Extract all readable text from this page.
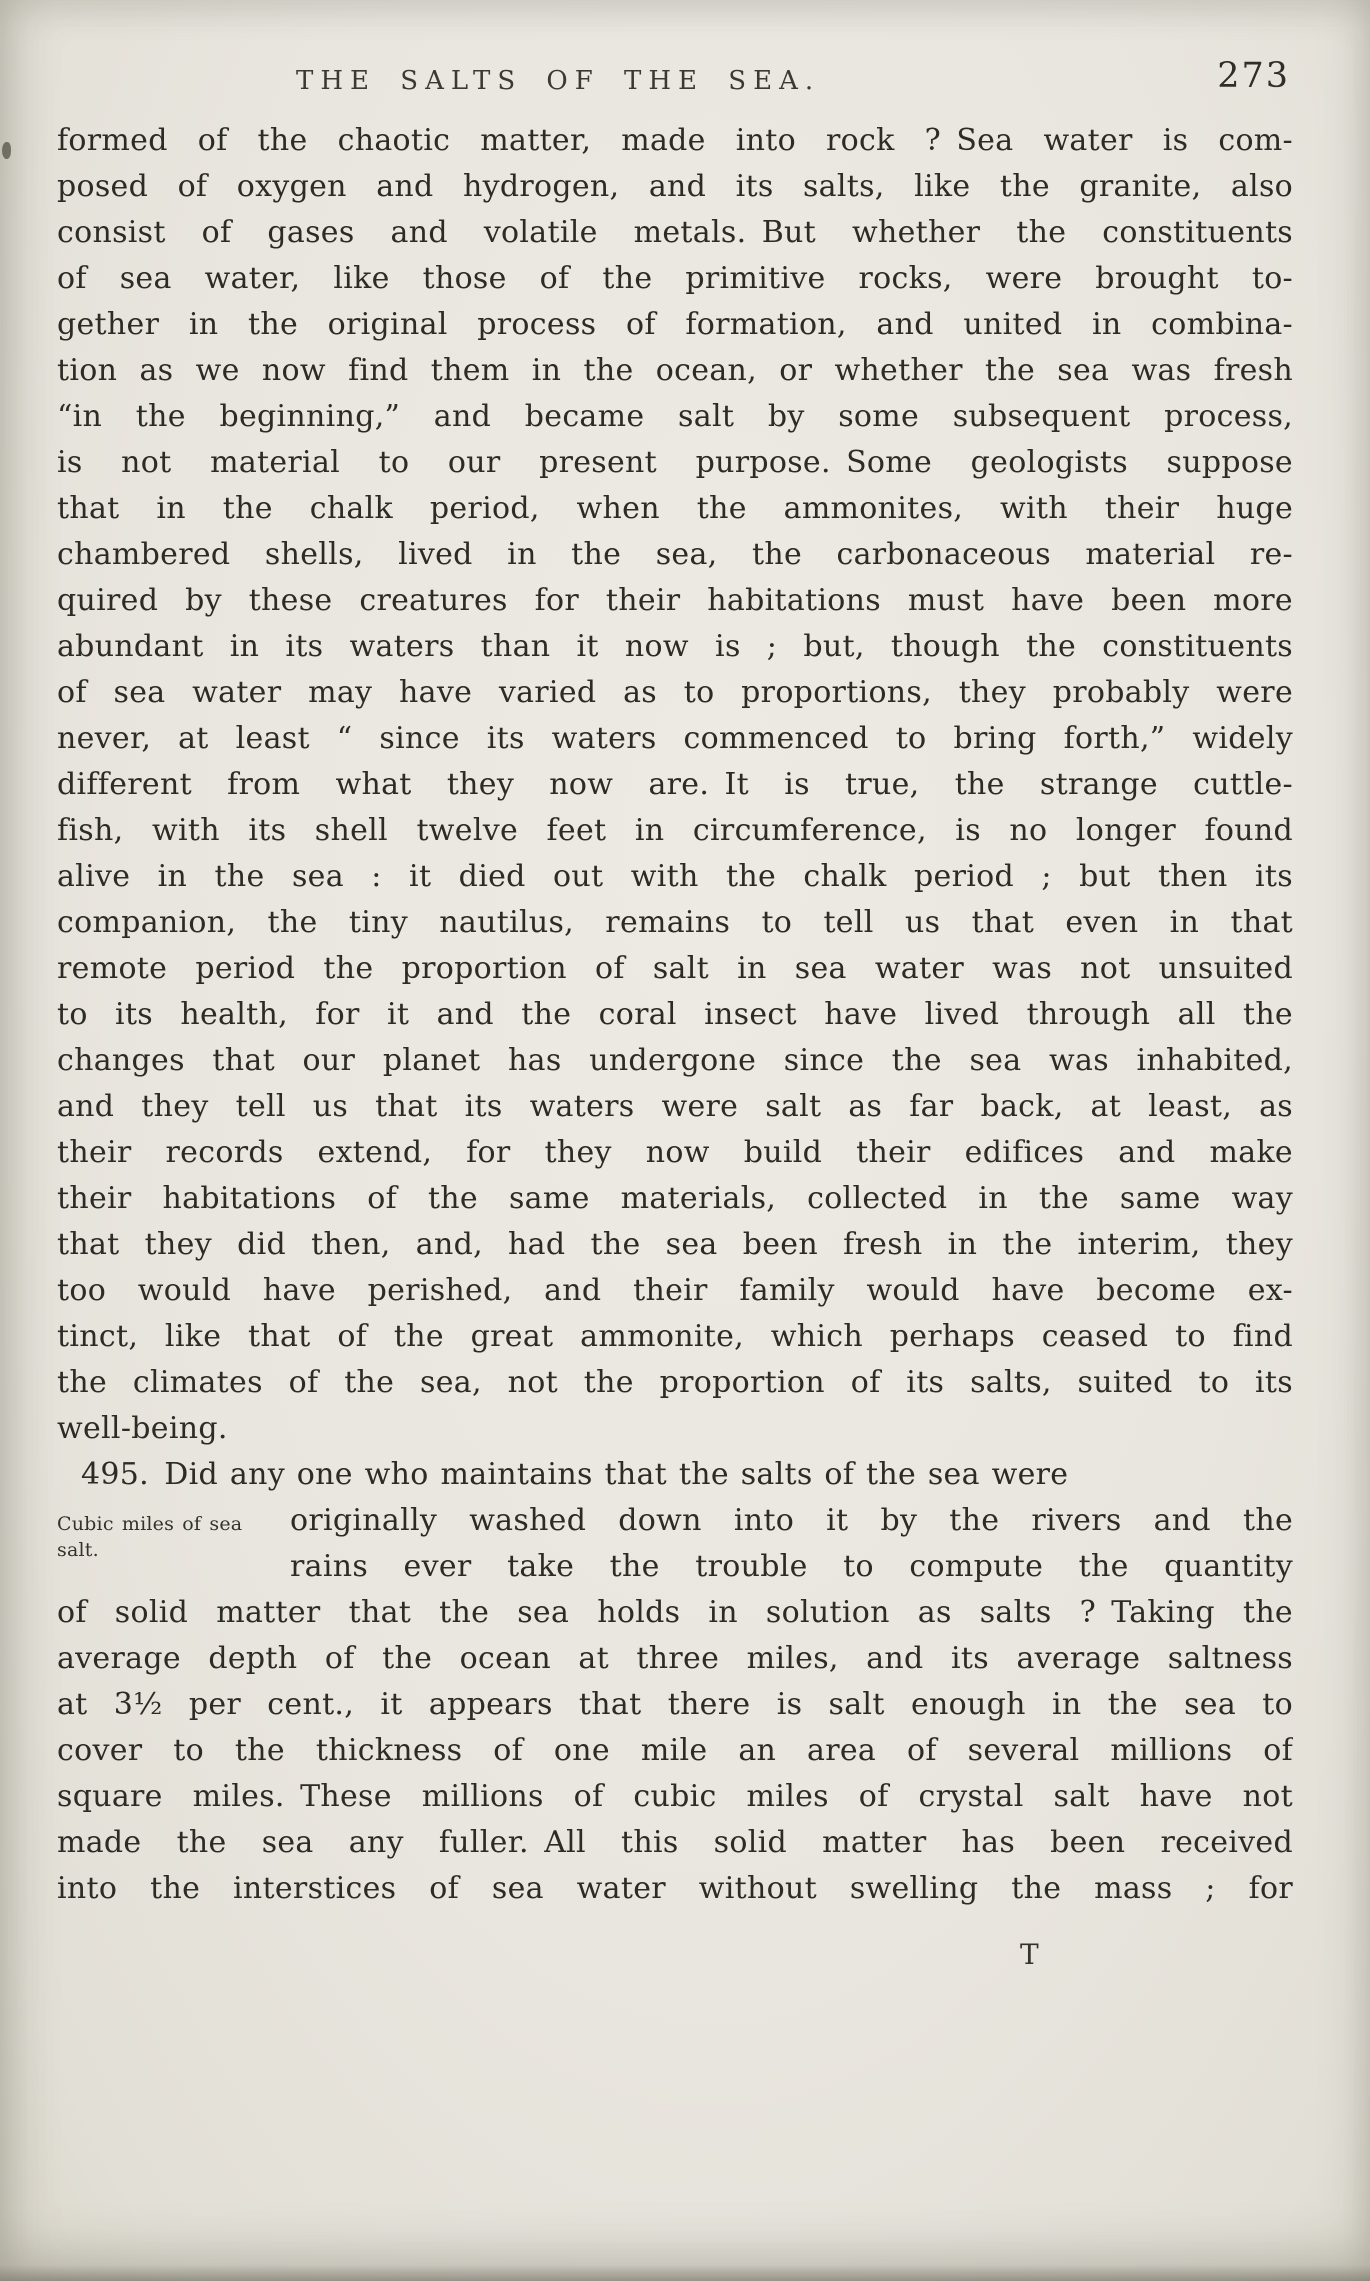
THE SALTS OF THE SEA.	273
formed of the chaotic matter, made into rock ? Sea water is com-
posed of oxygen and hydrogen, and its salts, like the granite, also
consist of gases and volatile metals. But whether the constituents
of sea water, like those of the primitive rocks, were brought to-
gether in the original process of formation, and united in combina-
tion as we now find them in the ocean, or whether the sea was fresh
“in the beginning,” and became salt by some subsequent process,
is not material to our present purpose. Some geologists suppose
that in the chalk period, when the ammonites, with their huge
chambered shells, lived in the sea, the carbonaceous material re-
quired by these creatures for their habitations must have been more
abundant in its waters than it now is ; but, though the constituents
of sea water may have varied as to proportions, they probably were
never, at least “ since its waters commenced to bring forth,” widely
different from what they now are. It is true, the strange cuttle-
fish, with its shell twelve feet in circumference, is no longer found
alive in the sea : it died out with the chalk period ; but then its
companion, the tiny nautilus, remains to tell us that even in that
remote period the proportion of salt in sea water was not unsuited
to its health, for it and the coral insect have lived through all the
changes that our planet has undergone since the sea was inhabited,
and they tell us that its waters were salt as far back, at least, as
their records extend, for they now build their edifices and make
their habitations of the same materials, collected in the same way
that they did then, and, had the sea been fresh in the interim, they
too would have perished, and their family would have become ex-
tinct, like that of the great ammonite, which perhaps ceased to find
the climates of the sea, not the proportion of its salts, suited to its
well-being.
495. Did any one who maintains that the salts of the sea were
Cubic miles of sea salt.
originally washed down into it by the rivers and the
rains ever take the trouble to compute the quantity
of solid matter that the sea holds in solution as salts ? Taking the
average depth of the ocean at three miles, and its average saltness
at 3½ per cent., it appears that there is salt enough in the sea to
cover to the thickness of one mile an area of several millions of
square miles. These millions of cubic miles of crystal salt have not
made the sea any fuller. All this solid matter has been received
into the interstices of sea water without swelling the mass ; for
T
